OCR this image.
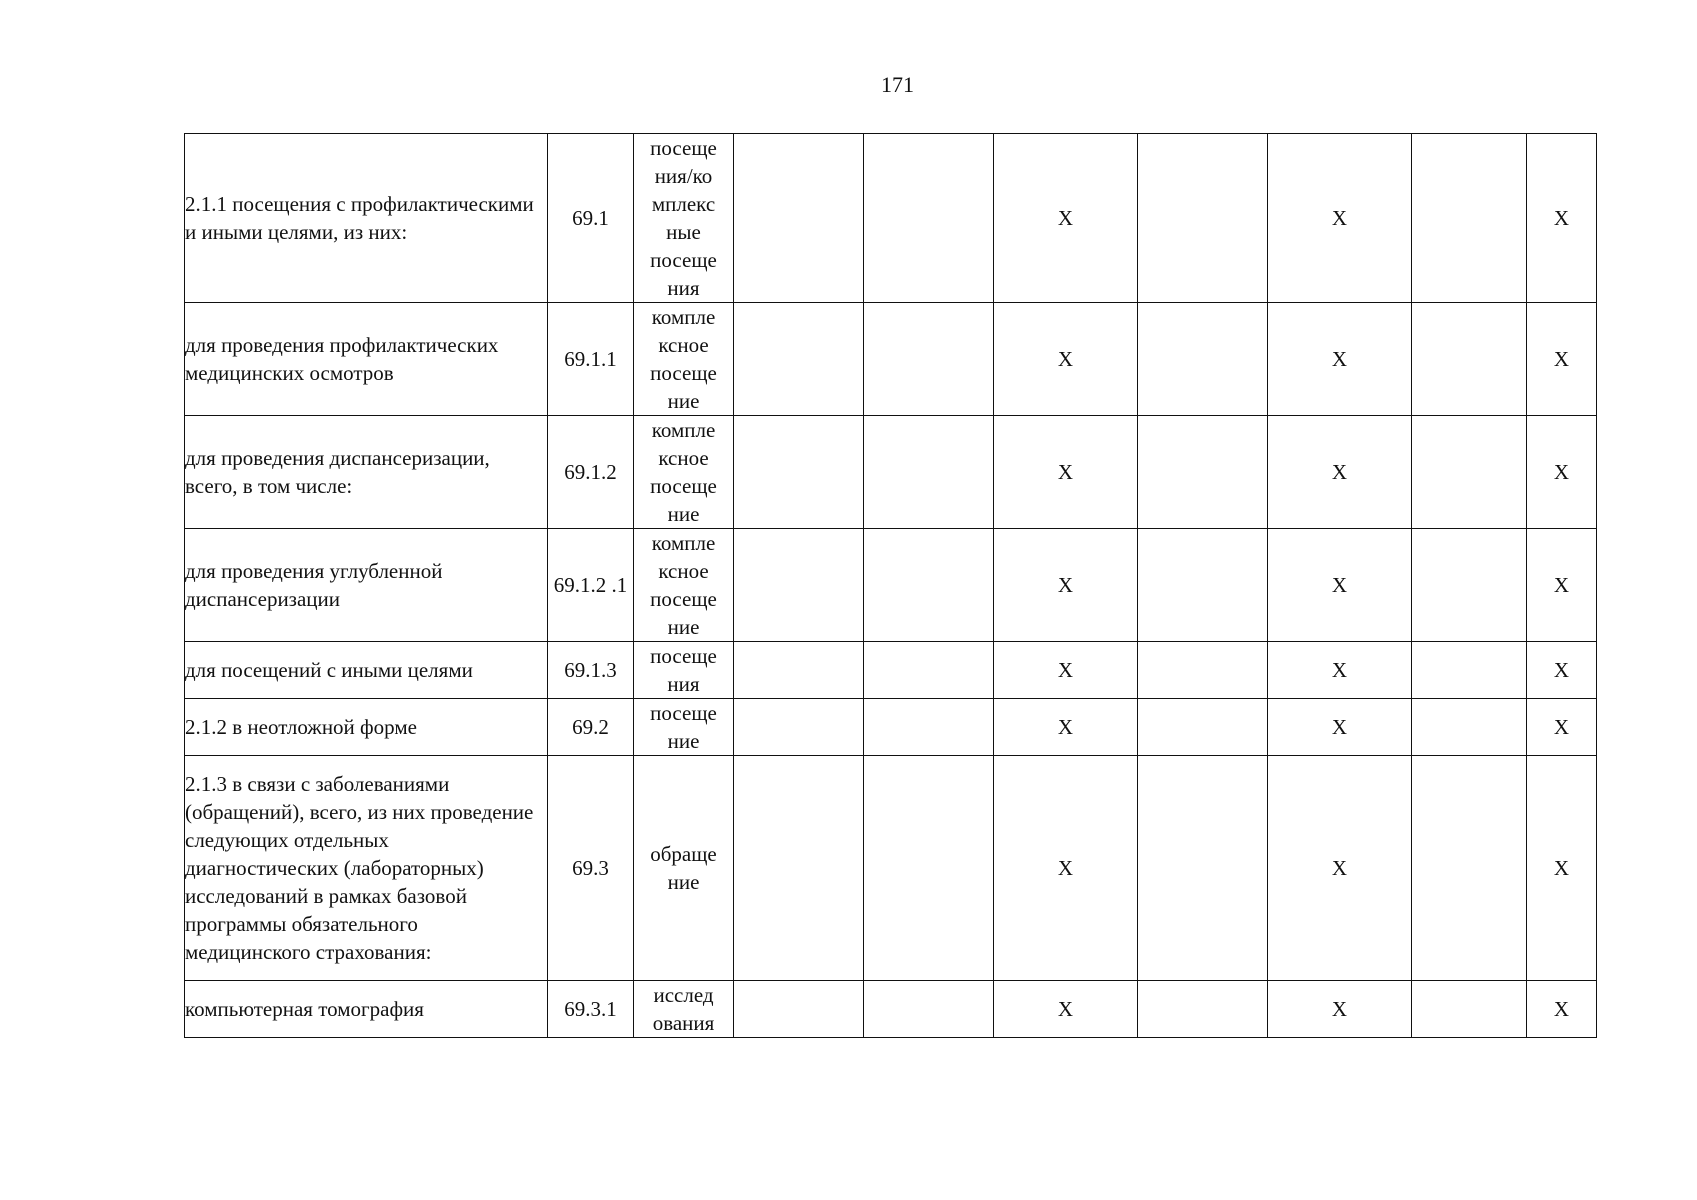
171
2.1.1 посещения с профилактическими и иными целями, из них:	69.1	посеще ния/ко мплекс ные посеще ния			X		X		X
для проведения профилактических медицинских осмотров	69.1.1	компле ксное посеще ние			X		X		X
для проведения диспансеризации, всего, в том числе:	69.1.2	компле ксное посеще ние			X		X		X
для проведения углубленной диспансеризации	69.1.2 .1	компле ксное посеще ние			X		X		X
для посещений с иными целями	69.1.3	посеще ния			X		X		X
2.1.2 в неотложной форме	69.2	посеще ние			X		X		X
2.1.3 в связи с заболеваниями (обращений), всего, из них проведение следующих отдельных диагностических (лабораторных) исследований в рамках базовой программы обязательного медицинского страхования:	69.3	обраще ние			X		X		X
компьютерная томография	69.3.1	исслед ования			X		X		X
